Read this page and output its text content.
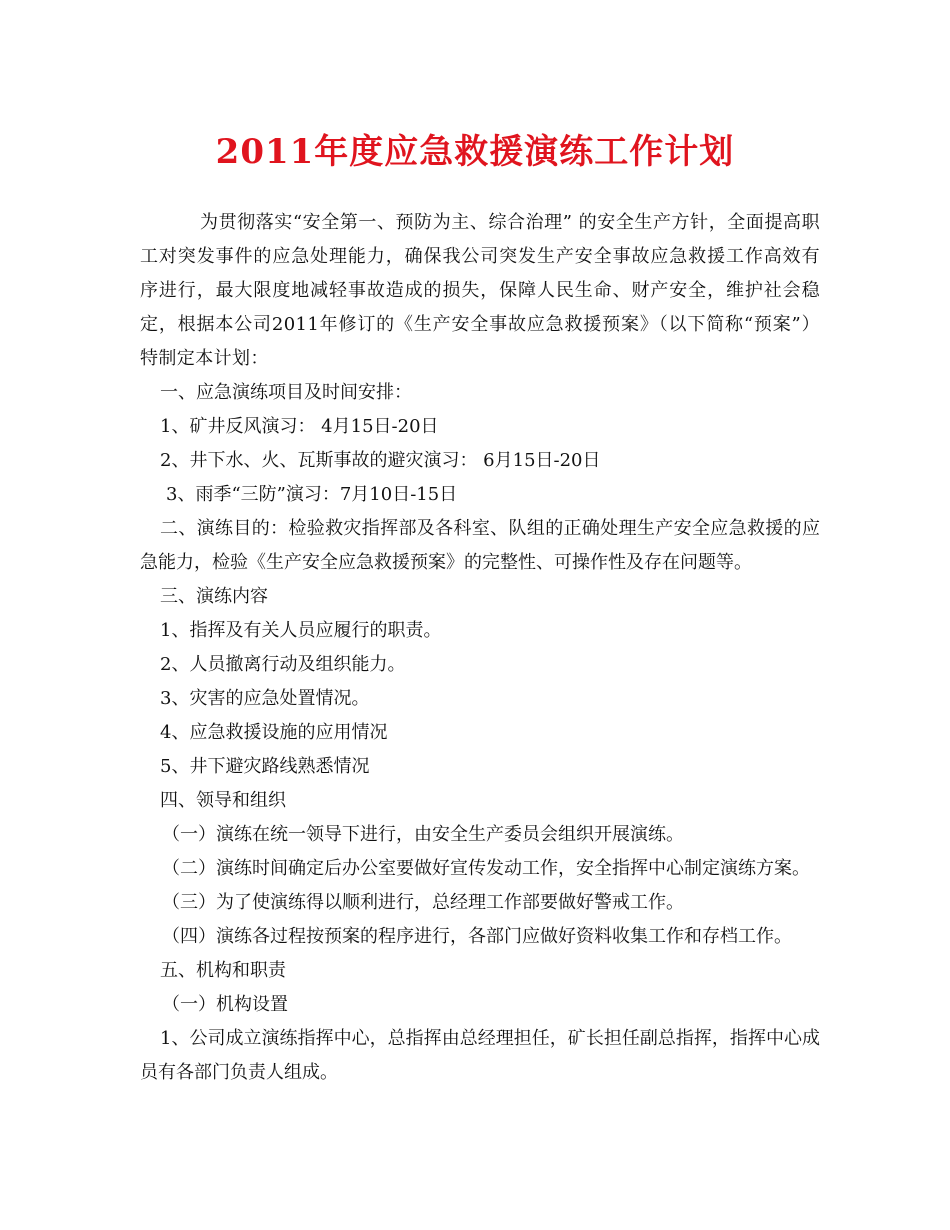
2011年度应急救援演练工作计划

为贯彻落实“安全第一、预防为主、综合治理” 的安全生产方针，全面提高职工对突发事件的应急处理能力，确保我公司突发生产安全事故应急救援工作高效有序进行，最大限度地减轻事故造成的损失，保障人民生命、财产安全，维护社会稳定，根据本公司2011年修订的《生产安全事故应急救援预案》（以下简称“预案”）特制定本计划：

一、应急演练项目及时间安排：

1、矿井反风演习： 4月15日-20日

2、井下水、火、瓦斯事故的避灾演习： 6月15日-20日

3、雨季“三防”演习：7月10日-15日

二、演练目的：检验救灾指挥部及各科室、队组的正确处理生产安全应急救援的应急能力，检验《生产安全应急救援预案》的完整性、可操作性及存在问题等。

三、演练内容

1、指挥及有关人员应履行的职责。

2、人员撤离行动及组织能力。

3、灾害的应急处置情况。

4、应急救援设施的应用情况

5、井下避灾路线熟悉情况

四、领导和组织

（一）演练在统一领导下进行，由安全生产委员会组织开展演练。

（二）演练时间确定后办公室要做好宣传发动工作，安全指挥中心制定演练方案。

（三）为了使演练得以顺利进行，总经理工作部要做好警戒工作。

（四）演练各过程按预案的程序进行，各部门应做好资料收集工作和存档工作。

五、机构和职责

（一）机构设置

1、公司成立演练指挥中心，总指挥由总经理担任，矿长担任副总指挥，指挥中心成员有各部门负责人组成。
